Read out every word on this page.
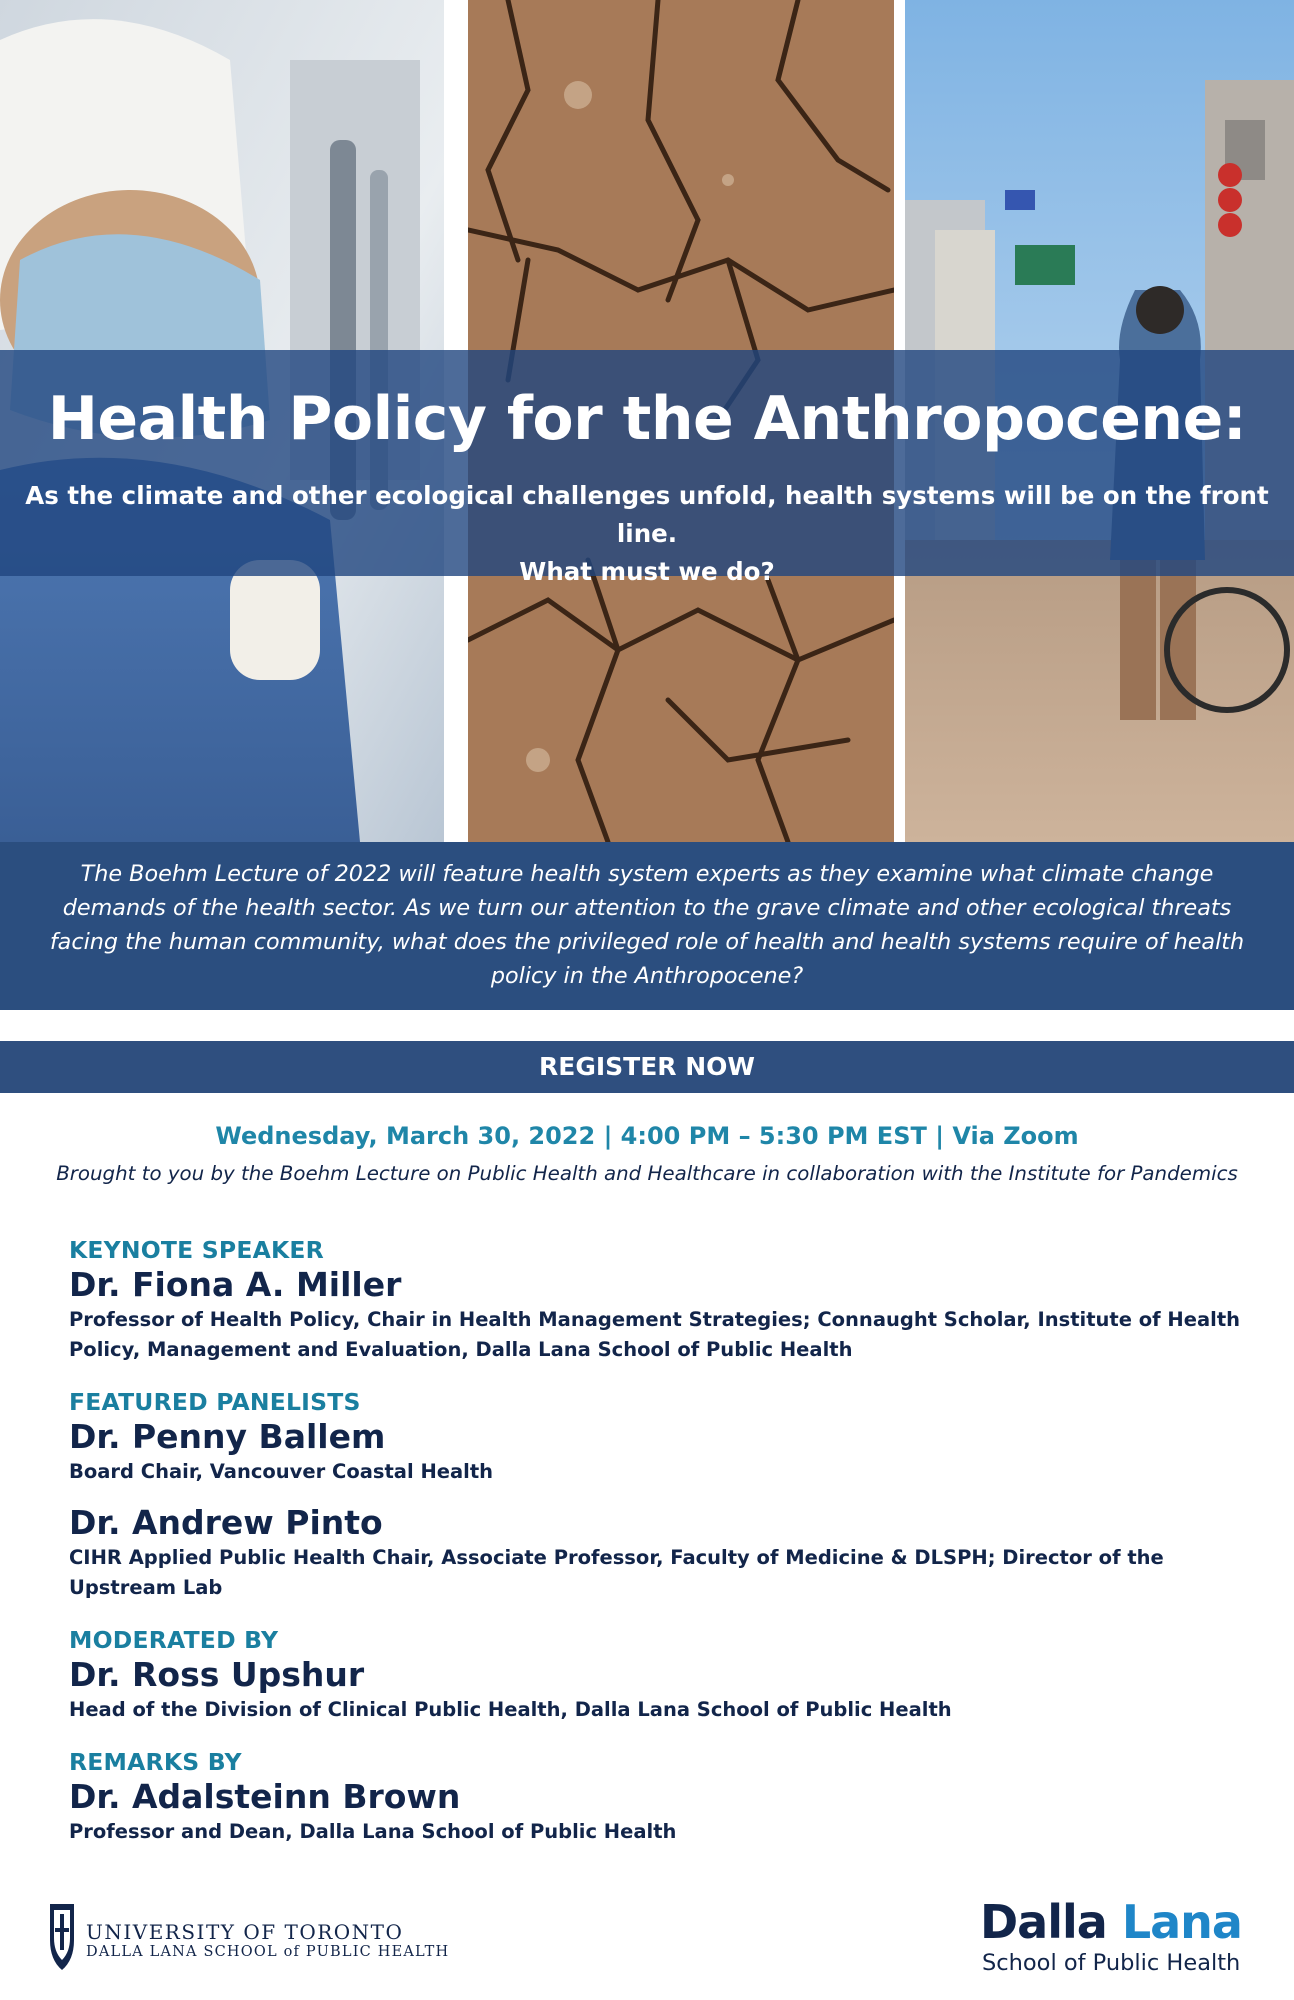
Health Policy for the Anthropocene:
As the climate and other ecological challenges unfold, health systems will be on the front line.
What must we do?
The Boehm Lecture of 2022 will feature health system experts as they examine what climate change demands of the health sector. As we turn our attention to the grave climate and other ecological threats facing the human community, what does the privileged role of health and health systems require of health policy in the Anthropocene?
REGISTER NOW
Wednesday, March 30, 2022 | 4:00 PM – 5:30 PM EST | Via Zoom
Brought to you by the Boehm Lecture on Public Health and Healthcare in collaboration with the Institute for Pandemics
KEYNOTE SPEAKER
Dr. Fiona A. Miller
Professor of Health Policy, Chair in Health Management Strategies; Connaught Scholar, Institute of Health Policy, Management and Evaluation, Dalla Lana School of Public Health
FEATURED PANELISTS
Dr. Penny Ballem
Board Chair, Vancouver Coastal Health
Dr. Andrew Pinto
CIHR Applied Public Health Chair, Associate Professor, Faculty of Medicine & DLSPH; Director of the Upstream Lab
MODERATED BY
Dr. Ross Upshur
Head of the Division of Clinical Public Health, Dalla Lana School of Public Health
REMARKS BY
Dr. Adalsteinn Brown
Professor and Dean, Dalla Lana School of Public Health
UNIVERSITY OF TORONTO
DALLA LANA SCHOOL of PUBLIC HEALTH
Dalla Lana
School of Public Health
